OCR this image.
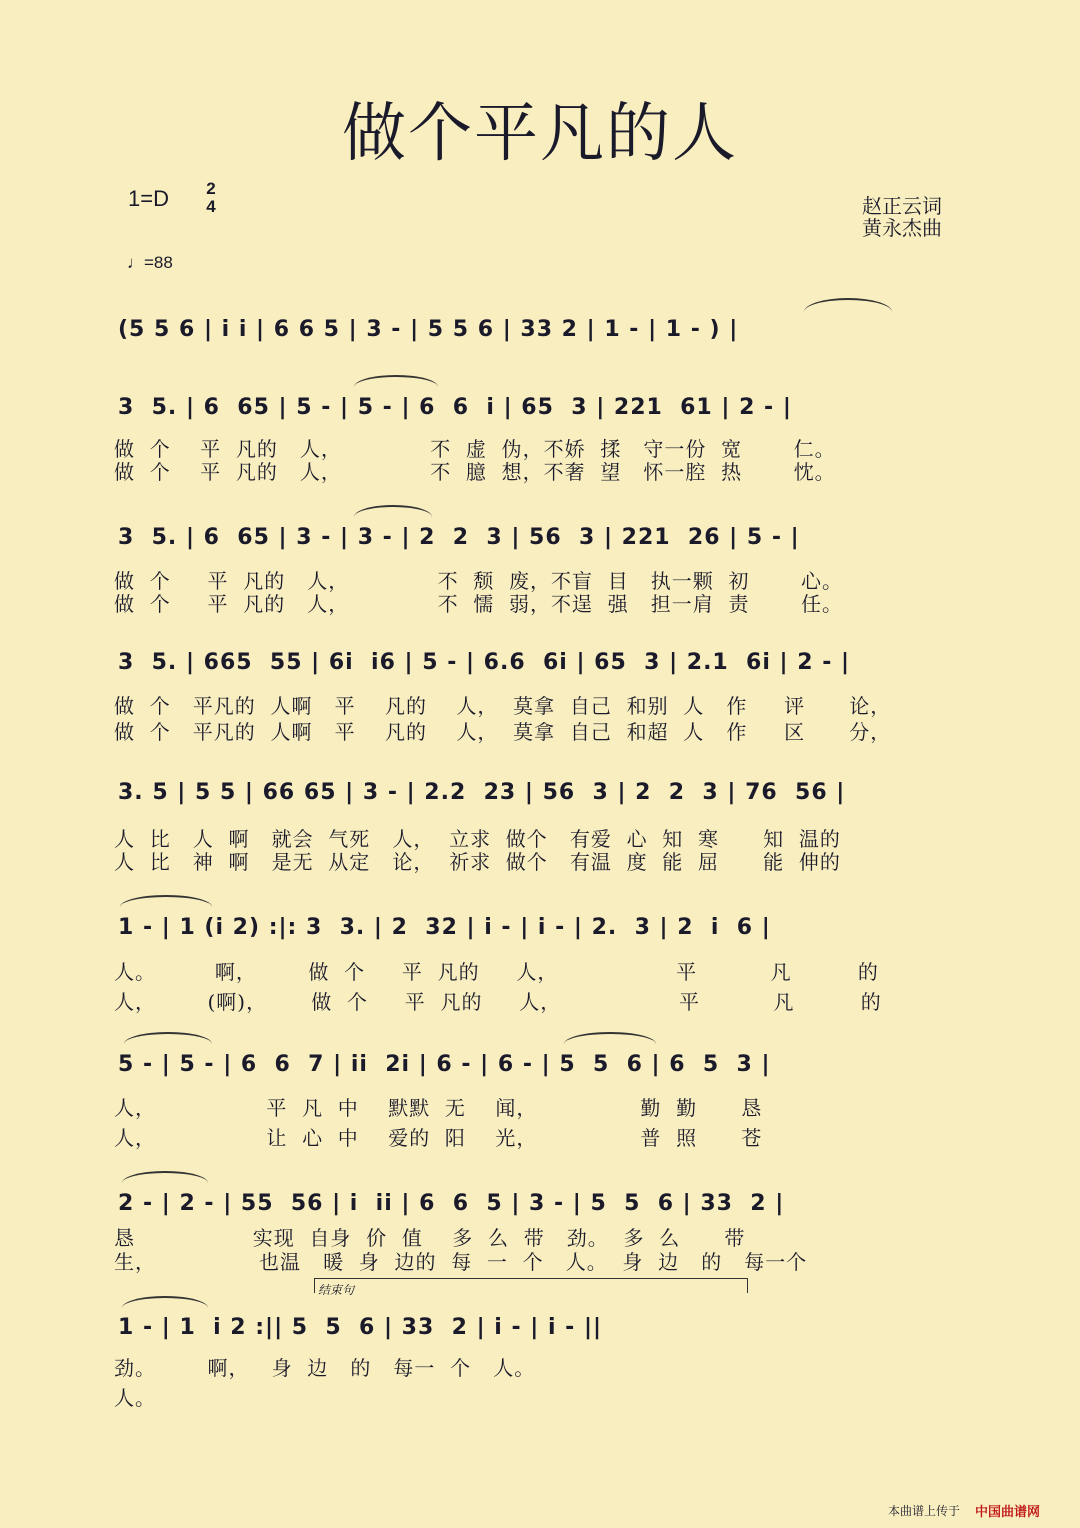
做个平凡的人
1=D 2
4
♩=88
赵正云词
黄永杰曲
(5 5 6 | i i | 6 6 5 | 3 - | 5 5 6 | 33 2 | 1 - | 1 - ) |
3  5. | 6  65 | 5 - | 5 - | 6  6  i | 65  3 | 221  61 | 2 - |
做  个    平  凡的   人，            不  虚  伪，不娇  揉   守一份  宽       仁。
做  个    平  凡的   人，            不  臆  想，不奢  望   怀一腔  热       忱。
3  5. | 6  65 | 3 - | 3 - | 2  2  3 | 56  3 | 221  26 | 5 - |
做  个     平  凡的   人，            不  颓  废，不盲  目   执一颗  初       心。
做  个     平  凡的   人，            不  懦  弱，不逞  强   担一肩  责       任。
3  5. | 665  55 | 6i  i6 | 5 - | 6.6  6i | 65  3 | 2.1  6i | 2 - |
做  个   平凡的  人啊   平    凡的    人，  莫拿  自己  和别  人   作     评      论，
做  个   平凡的  人啊   平    凡的    人，  莫拿  自己  和超  人   作     区      分，
3. 5 | 5 5 | 66 65 | 3 - | 2.2  23 | 56  3 | 2  2  3 | 76  56 |
人  比   人  啊   就会  气死   人，  立求  做个   有爱  心  知  寒      知  温的
人  比   神  啊   是无  从定   论，  祈求  做个   有温  度  能  屈      能  伸的
1 - | 1 (i 2) :|: 3  3. | 2  32 | i - | i - | 2.  3 | 2  i  6 |
人。        啊，       做  个     平  凡的     人，                平          凡         的
人，       (啊)，      做  个     平  凡的     人，                平          凡         的
5 - | 5 - | 6  6  7 | ii  2i | 6 - | 6 - | 5  5  6 | 6  5  3 |
人，               平  凡  中    默默  无    闻，              勤  勤      恳
人，               让  心  中    爱的  阳    光，              普  照      苍
2 - | 2 - | 55  56 | i  ii | 6  6  5 | 3 - | 5  5  6 | 33  2 |
恳                实现  自身  价  值    多  么  带   劲。  多  么      带
生，              也温   暖  身  边的  每  一  个   人。  身  边   的   每一个
结束句
1 - | 1  i 2 :|| 5  5  6 | 33  2 | i - | i - ||
劲。       啊，   身  边   的   每一  个   人。
人。
本曲谱上传于 中国曲谱网
